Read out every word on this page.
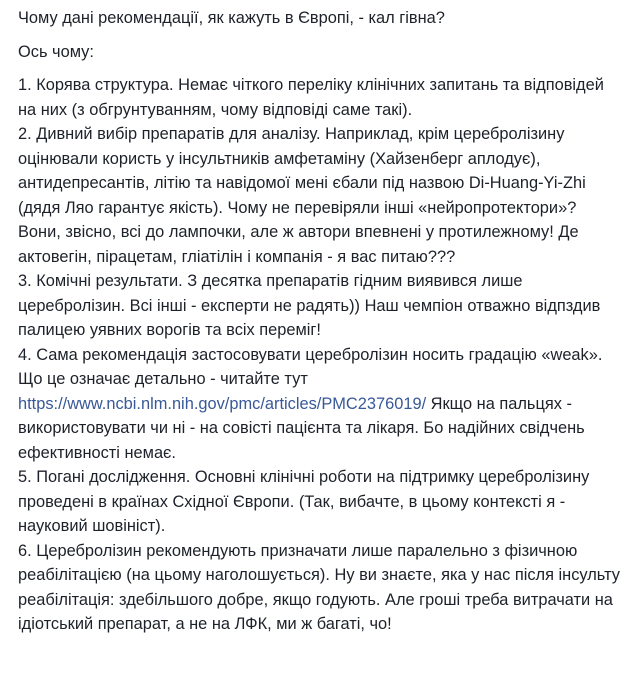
Чому дані рекомендації, як кажуть в Європі, - кал гівна?

Ось чому:

1. Корява структура. Немає чіткого переліку клінічних запитань та відповідей на них (з обгрунтуванням, чому відповіді саме такі).

2. Дивний вибір препаратів для аналізу. Наприклад, крім церебролізину оцінювали користь у інсультників амфетаміну (Хайзенберг аплодує), антидепресантів, літію та навідомої мені єбали під назвою Di-Huang-Yi-Zhi (дядя Ляо гарантує якість). Чому не перевіряли інші «нейропротектори»? Вони, звісно, всі до лампочки, але ж автори впевнені у протилежному! Де актовегін, пірацетам, гліатілін і компанія - я вас питаю???

3. Комічні результати. З десятка препаратів гідним виявився лише церебролізин. Всі інші - експерти не радять)) Наш чемпіон отважно відпздив палицею уявних ворогів та всіх переміг!

4. Сама рекомендація застосовувати церебролізин носить градацію «weak». Що це означає детально - читайте тут https://www.ncbi.nlm.nih.gov/pmc/articles/PMC2376019/ Якщо на пальцях - використовувати чи ні - на совісті пацієнта та лікаря. Бо надійних свідчень ефективності немає.

5. Погані дослідження. Основні клінічні роботи на підтримку церебролізину проведені в країнах Східної Європи. (Так, вибачте, в цьому контексті я - науковий шовініст).

6. Церебролізин рекомендують призначати лише паралельно з фізичною реабілітацією (на цьому наголошується). Ну ви знаєте, яка у нас після інсульту реабілітація: здебільшого добре, якщо годують. Але гроші треба витрачати на ідіотський препарат, а не на ЛФК, ми ж багаті, чо!
